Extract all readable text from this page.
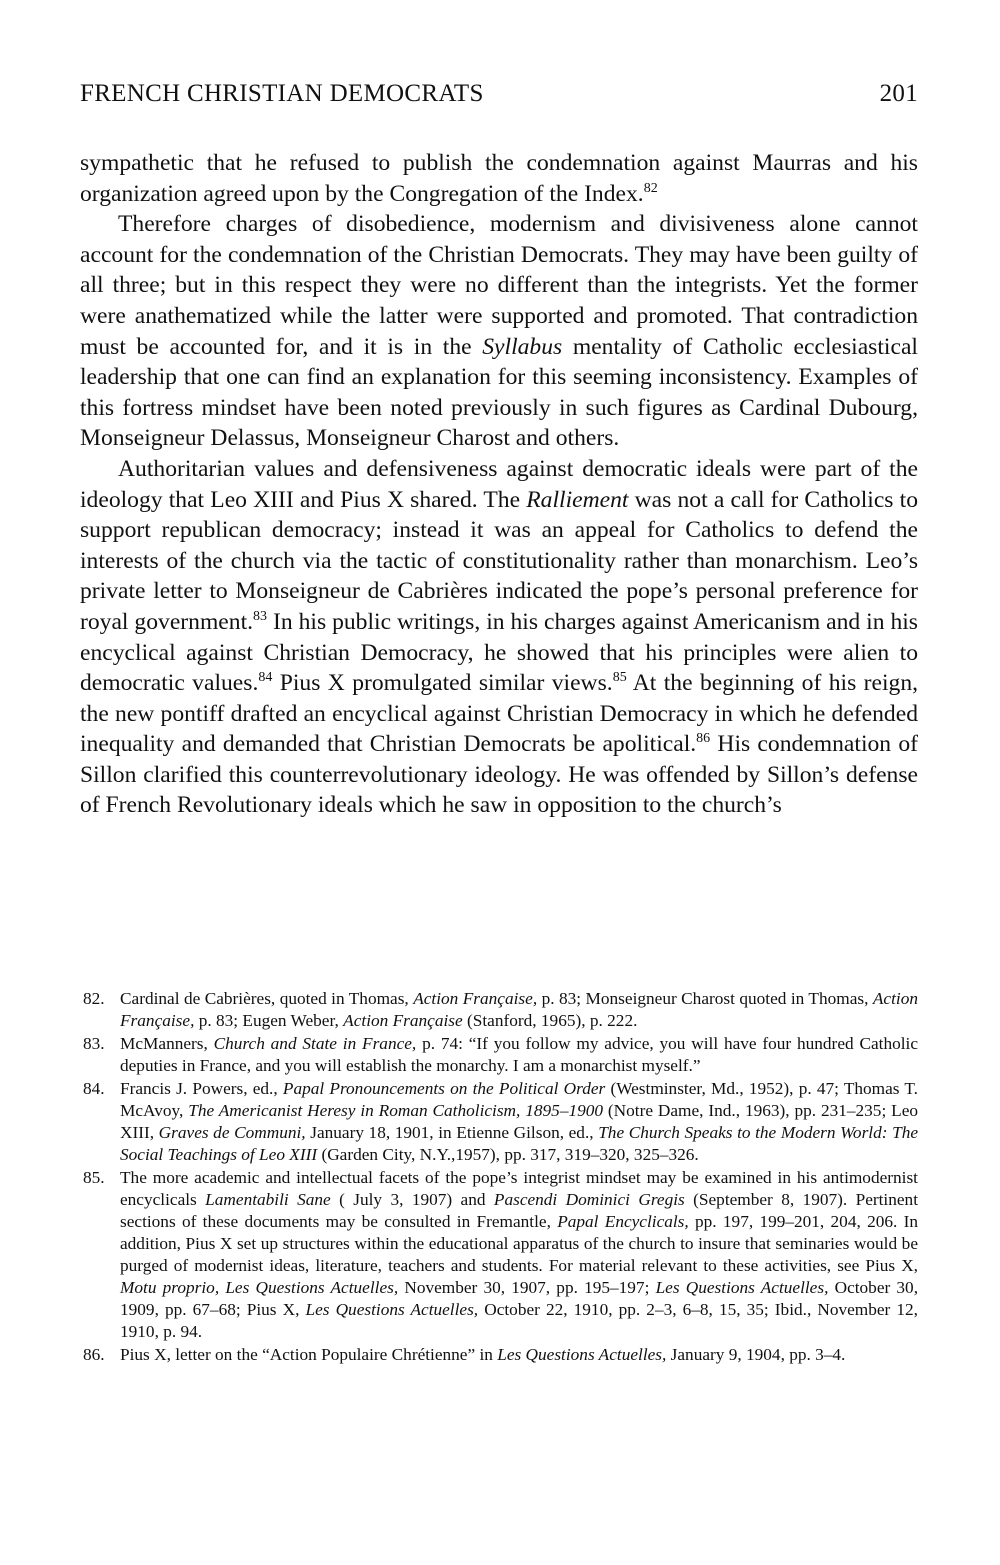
FRENCH CHRISTIAN DEMOCRATS	201

sympathetic that he refused to publish the condemnation against Maurras and his organization agreed upon by the Congregation of the Index.$^{82}$

Therefore charges of disobedience, modernism and divisiveness alone cannot account for the condemnation of the Christian Democrats. They may have been guilty of all three; but in this respect they were no different than the integrists. Yet the former were anathematized while the latter were supported and promoted. That contradiction must be accounted for, and it is in the Syllabus mentality of Catholic ecclesiastical leadership that one can find an explanation for this seeming inconsistency. Examples of this fortress mindset have been noted previously in such figures as Cardinal Dubourg, Monseigneur Delassus, Monseigneur Charost and others.

Authoritarian values and defensiveness against democratic ideals were part of the ideology that Leo XIII and Pius X shared. The Ralliement was not a call for Catholics to support republican democracy; instead it was an appeal for Catholics to defend the interests of the church via the tactic of constitutionality rather than monarchism. Leo’s private letter to Monseigneur de Cabrières indicated the pope’s personal preference for royal government.$^{83}$ In his public writings, in his charges against Americanism and in his encyclical against Christian Democracy, he showed that his principles were alien to democratic values.$^{84}$ Pius X promulgated similar views.$^{85}$ At the beginning of his reign, the new pontiff drafted an encyclical against Christian Democracy in which he defended inequality and demanded that Christian Democrats be apolitical.$^{86}$ His condemnation of Sillon clarified this counterrevolutionary ideology. He was offended by Sillon’s defense of French Revolutionary ideals which he saw in opposition to the church’s

82. Cardinal de Cabrières, quoted in Thomas, Action Française, p. 83; Monseigneur Charost quoted in Thomas, Action Française, p. 83; Eugen Weber, Action Française (Stanford, 1965), p. 222.
83. McManners, Church and State in France, p. 74: “If you follow my advice, you will have four hundred Catholic deputies in France, and you will establish the monarchy. I am a monarchist myself.”
84. Francis J. Powers, ed., Papal Pronouncements on the Political Order (Westminster, Md., 1952), p. 47; Thomas T. McAvoy, The Americanist Heresy in Roman Catholicism, 1895–1900 (Notre Dame, Ind., 1963), pp. 231–235; Leo XIII, Graves de Communi, January 18, 1901, in Etienne Gilson, ed., The Church Speaks to the Modern World: The Social Teachings of Leo XIII (Garden City, N.Y.,1957), pp. 317, 319–320, 325–326.
85. The more academic and intellectual facets of the pope’s integrist mindset may be examined in his antimodernist encyclicals Lamentabili Sane ( July 3, 1907) and Pascendi Dominici Gregis (September 8, 1907). Pertinent sections of these documents may be consulted in Fremantle, Papal Encyclicals, pp. 197, 199–201, 204, 206. In addition, Pius X set up structures within the educational apparatus of the church to insure that seminaries would be purged of modernist ideas, literature, teachers and students. For material relevant to these activities, see Pius X, Motu proprio, Les Questions Actuelles, November 30, 1907, pp. 195–197; Les Questions Actuelles, October 30, 1909, pp. 67–68; Pius X, Les Questions Actuelles, October 22, 1910, pp. 2–3, 6–8, 15, 35; Ibid., November 12, 1910, p. 94.
86. Pius X, letter on the “Action Populaire Chrétienne” in Les Questions Actuelles, January 9, 1904, pp. 3–4.
